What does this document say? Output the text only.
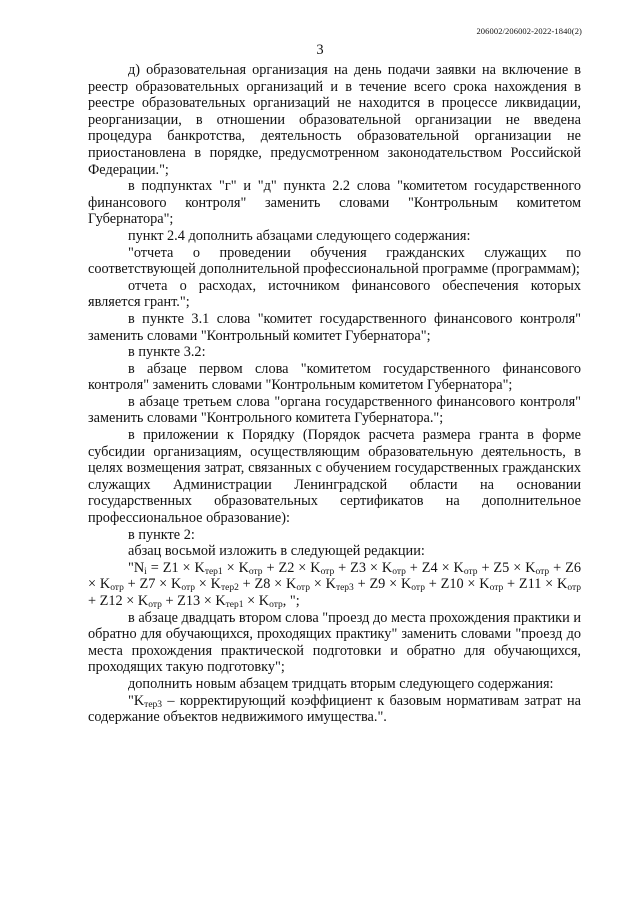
206002/206002-2022-1840(2)
3

д) образовательная организация на день подачи заявки на включение в реестр образовательных организаций и в течение всего срока нахождения в реестре образовательных организаций не находится в процессе ликвидации, реорганизации, в отношении образовательной организации не введена процедура банкротства, деятельность образовательной организации не приостановлена в порядке, предусмотренном законодательством Российской Федерации.";

в подпунктах "г" и "д" пункта 2.2 слова "комитетом государственного финансового контроля" заменить словами "Контрольным комитетом Губернатора";

пункт 2.4 дополнить абзацами следующего содержания:

"отчета о проведении обучения гражданских служащих по соответствующей дополнительной профессиональной программе (программам);

отчета о расходах, источником финансового обеспечения которых является грант.";

в пункте 3.1 слова "комитет государственного финансового контроля" заменить словами "Контрольный комитет Губернатора";

в пункте 3.2:

в абзаце первом слова "комитетом государственного финансового контроля" заменить словами "Контрольным комитетом Губернатора";

в абзаце третьем слова "органа государственного финансового контроля" заменить словами "Контрольного комитета Губернатора.";

в приложении к Порядку (Порядок расчета размера гранта в форме субсидии организациям, осуществляющим образовательную деятельность, в целях возмещения затрат, связанных с обучением государственных гражданских служащих Администрации Ленинградской области на основании государственных образовательных сертификатов на дополнительное профессиональное образование):

в пункте 2:

абзац восьмой изложить в следующей редакции:

"$N_i = Z1 \times K_{тер1} \times K_{отр} + Z2 \times K_{отр} + Z3 \times K_{отр} + Z4 \times K_{отр} + Z5 \times K_{отр} + Z6 \times K_{отр} + Z7 \times K_{отр} \times K_{тер2} + Z8 \times K_{отр} \times K_{тер3} + Z9 \times K_{отр} + Z10 \times K_{отр} + Z11 \times K_{отр} + Z12 \times K_{отр} + Z13 \times K_{тер1} \times K_{отр}$, ";

в абзаце двадцать втором слова "проезд до места прохождения практики и обратно для обучающихся, проходящих практику" заменить словами "проезд до места прохождения практической подготовки и обратно для обучающихся, проходящих такую подготовку";

дополнить новым абзацем тридцать вторым следующего содержания:

"$K_{тер3}$ – корректирующий коэффициент к базовым нормативам затрат на содержание объектов недвижимого имущества.".
